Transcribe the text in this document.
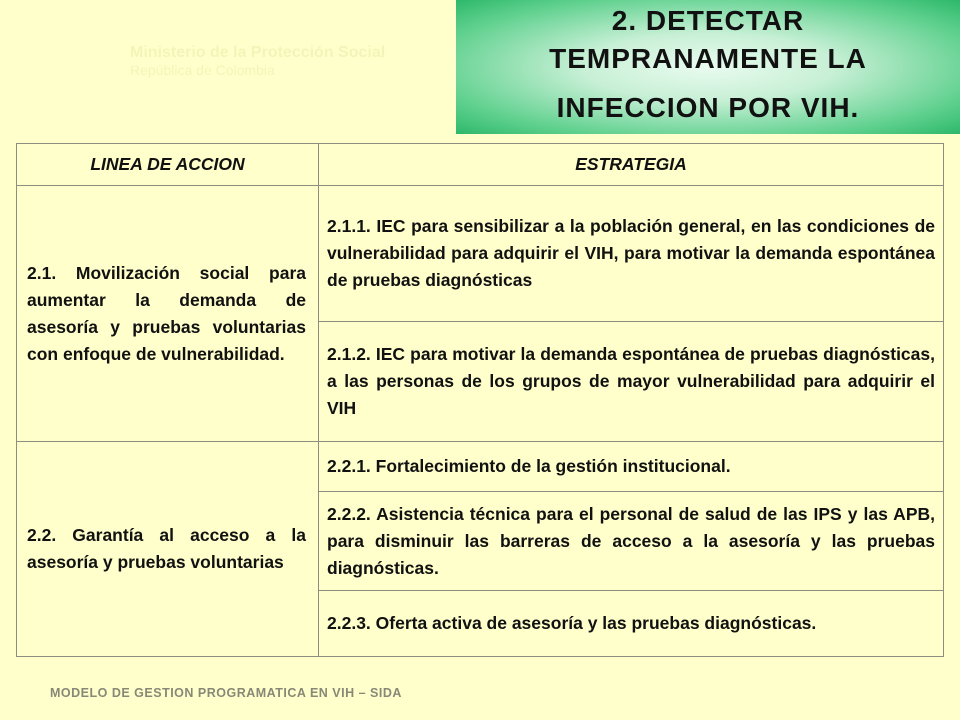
Ministerio de la Protección Social
República de Colombia
2. DETECTAR
TEMPRANAMENTE LA
INFECCION POR VIH.
LINEA DE ACCION	ESTRATEGIA
2.1. Movilización social para aumentar la demanda de asesoría y pruebas voluntarias con enfoque de vulnerabilidad.	2.1.1. IEC para sensibilizar a la población general, en las condiciones de vulnerabilidad para adquirir el VIH, para motivar la demanda espontánea de pruebas diagnósticas
	2.1.2. IEC para motivar la demanda espontánea de pruebas diagnósticas, a las personas de los grupos de mayor vulnerabilidad para adquirir el VIH
2.2. Garantía al acceso a la asesoría y pruebas voluntarias	2.2.1. Fortalecimiento de la gestión institucional.
	2.2.2. Asistencia técnica para el personal de salud de las IPS y las APB, para disminuir las barreras de acceso a la asesoría y las pruebas diagnósticas.
	2.2.3. Oferta activa de asesoría y las pruebas diagnósticas.
MODELO DE GESTION PROGRAMATICA EN VIH – SIDA
